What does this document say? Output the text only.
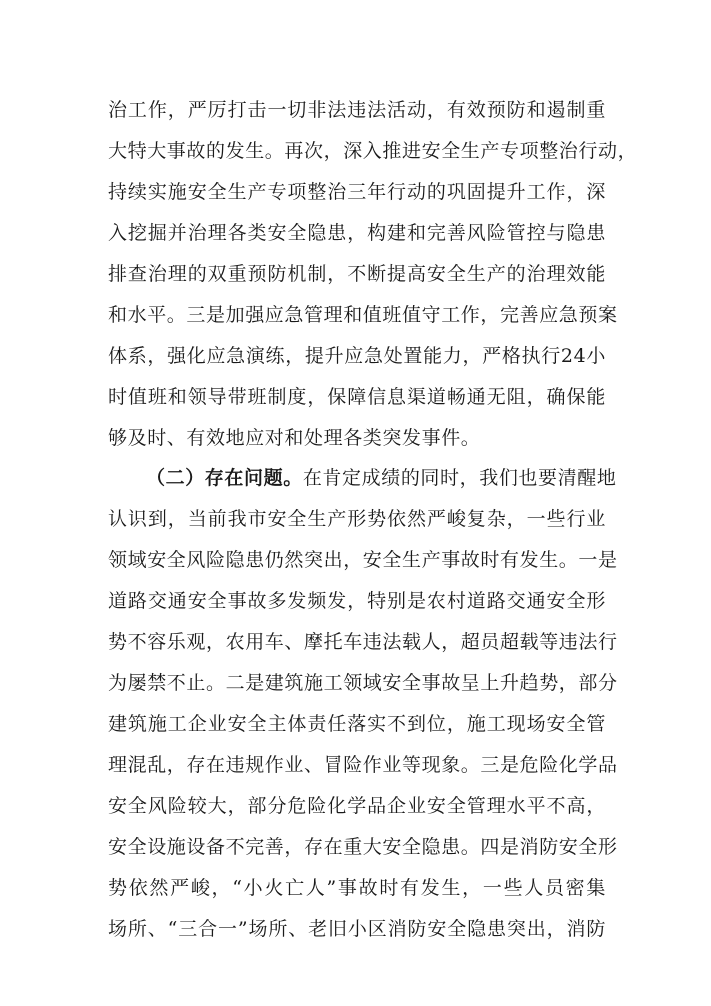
治工作，严厉打击一切非法违法活动，有效预防和遏制重
大特大事故的发生。再次，深入推进安全生产专项整治行动，
持续实施安全生产专项整治三年行动的巩固提升工作，深
入挖掘并治理各类安全隐患，构建和完善风险管控与隐患
排查治理的双重预防机制，不断提高安全生产的治理效能
和水平。三是加强应急管理和值班值守工作，完善应急预案
体系，强化应急演练，提升应急处置能力，严格执行24小
时值班和领导带班制度，保障信息渠道畅通无阻，确保能
够及时、有效地应对和处理各类突发事件。
（二）存在问题。在肯定成绩的同时，我们也要清醒地
认识到，当前我市安全生产形势依然严峻复杂，一些行业
领域安全风险隐患仍然突出，安全生产事故时有发生。一是
道路交通安全事故多发频发，特别是农村道路交通安全形
势不容乐观，农用车、摩托车违法载人，超员超载等违法行
为屡禁不止。二是建筑施工领域安全事故呈上升趋势，部分
建筑施工企业安全主体责任落实不到位，施工现场安全管
理混乱，存在违规作业、冒险作业等现象。三是危险化学品
安全风险较大，部分危险化学品企业安全管理水平不高，
安全设施设备不完善，存在重大安全隐患。四是消防安全形
势依然严峻，“小火亡人”事故时有发生，一些人员密集
场所、“三合一”场所、老旧小区消防安全隐患突出，消防
